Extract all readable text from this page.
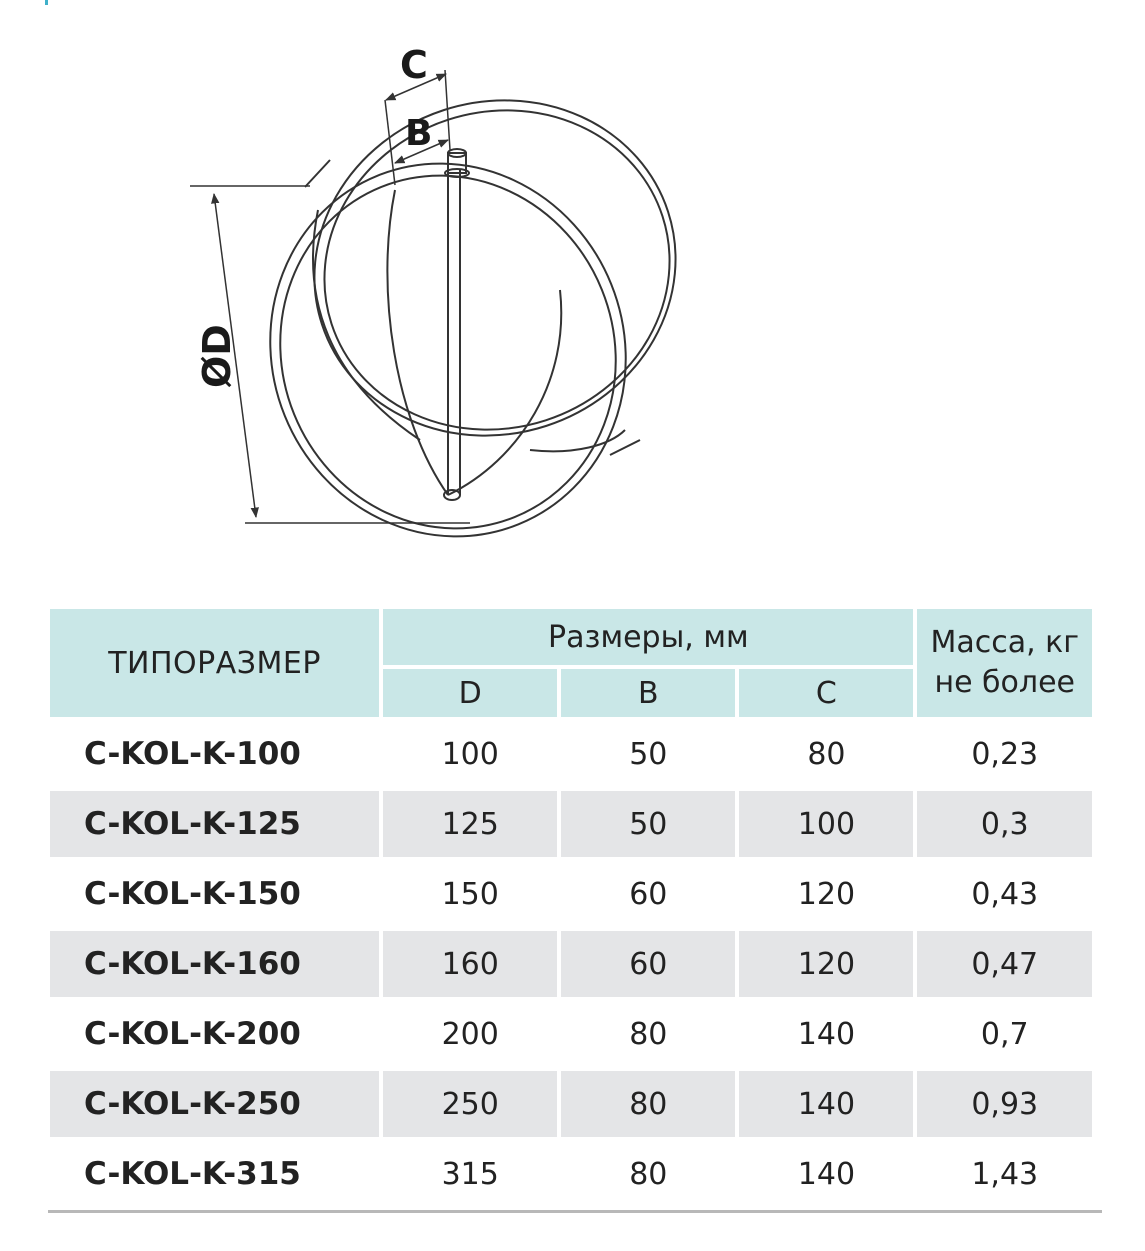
C
B
ØD
ТИПОРАЗМЕР	Размеры, мм			Масса, кг
не более
	D	B	C	
C-KOL-K-100	100	50	80	0,23
C-KOL-K-125	125	50	100	0,3
C-KOL-K-150	150	60	120	0,43
C-KOL-K-160	160	60	120	0,47
C-KOL-K-200	200	80	140	0,7
C-KOL-K-250	250	80	140	0,93
C-KOL-K-315	315	80	140	1,43
